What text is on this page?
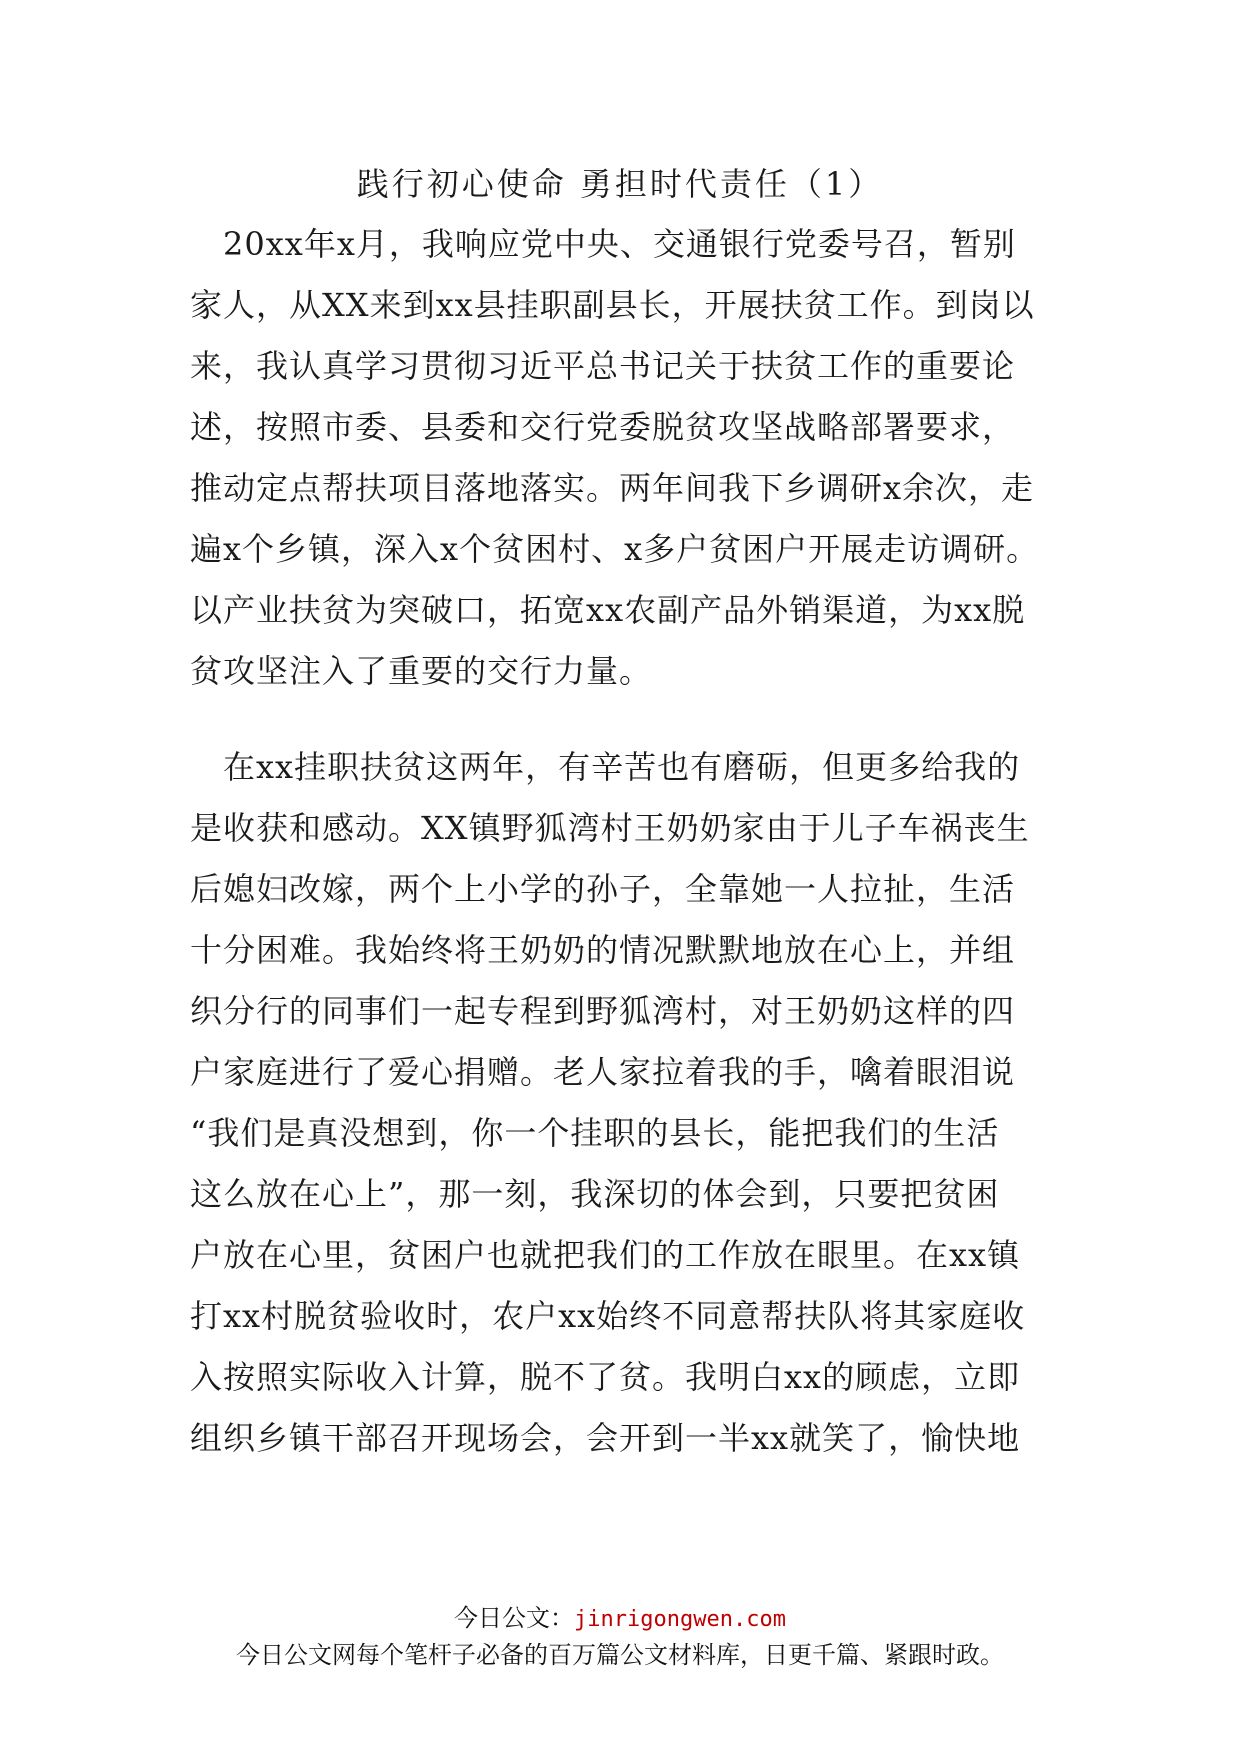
践行初心使命 勇担时代责任（1）
　20xx年x月，我响应党中央、交通银行党委号召，暂别
家人，从XX来到xx县挂职副县长，开展扶贫工作。到岗以
来，我认真学习贯彻习近平总书记关于扶贫工作的重要论
述，按照市委、县委和交行党委脱贫攻坚战略部署要求，
推动定点帮扶项目落地落实。两年间我下乡调研x余次，走
遍x个乡镇，深入x个贫困村、x多户贫困户开展走访调研。
以产业扶贫为突破口，拓宽xx农副产品外销渠道，为xx脱
贫攻坚注入了重要的交行力量。
　在xx挂职扶贫这两年，有辛苦也有磨砺，但更多给我的
是收获和感动。XX镇野狐湾村王奶奶家由于儿子车祸丧生
后媳妇改嫁，两个上小学的孙子，全靠她一人拉扯，生活
十分困难。我始终将王奶奶的情况默默地放在心上，并组
织分行的同事们一起专程到野狐湾村，对王奶奶这样的四
户家庭进行了爱心捐赠。老人家拉着我的手，噙着眼泪说
“我们是真没想到，你一个挂职的县长，能把我们的生活
这么放在心上”，那一刻，我深切的体会到，只要把贫困
户放在心里，贫困户也就把我们的工作放在眼里。在xx镇
打xx村脱贫验收时，农户xx始终不同意帮扶队将其家庭收
入按照实际收入计算，脱不了贫。我明白xx的顾虑，立即
组织乡镇干部召开现场会，会开到一半xx就笑了，愉快地
今日公文：jinrigongwen.com
今日公文网每个笔杆子必备的百万篇公文材料库，日更千篇、紧跟时政。
